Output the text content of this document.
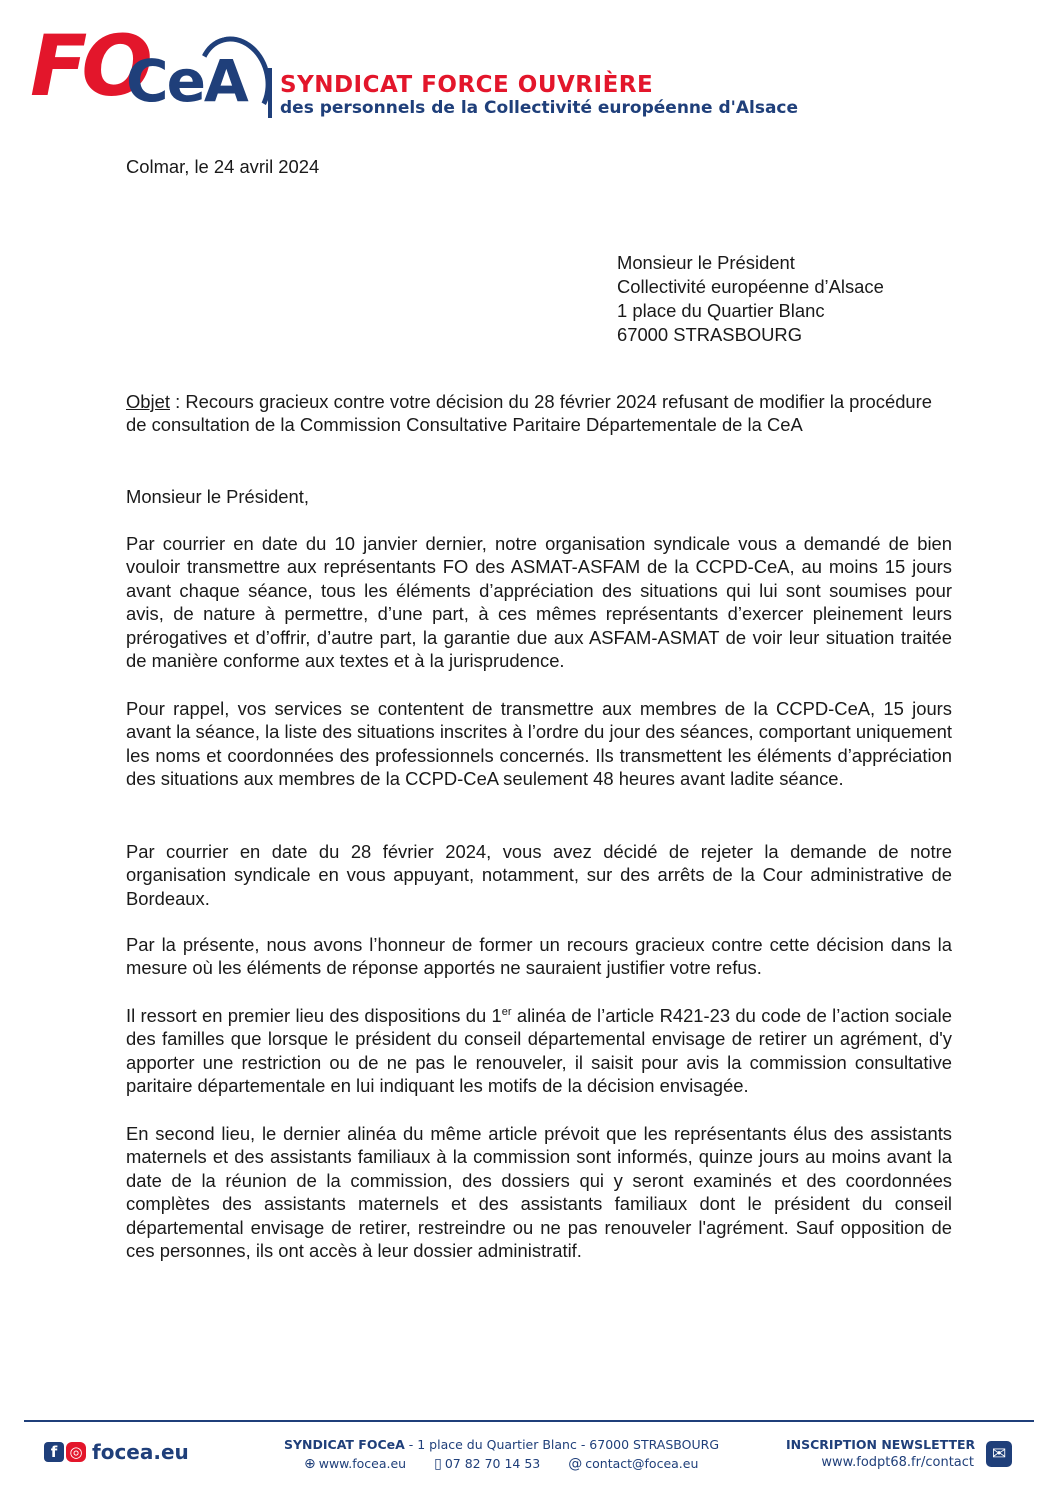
FO
CeA SYNDICAT FORCE OUVRIÈRE
des personnels de la Collectivité européenne d'Alsace
Colmar, le 24 avril 2024
Monsieur le Président
Collectivité européenne d’Alsace
1 place du Quartier Blanc
67000 STRASBOURG
Objet : Recours gracieux contre votre décision du 28 février 2024 refusant de modifier la procédure de consultation de la Commission Consultative Paritaire Départementale de la CeA
Monsieur le Président,
Par courrier en date du 10 janvier dernier, notre organisation syndicale vous a demandé de bien vouloir transmettre aux représentants FO des ASMAT-ASFAM de la CCPD-CeA, au moins 15 jours avant chaque séance, tous les éléments d’appréciation des situations qui lui sont soumises pour avis, de nature à permettre, d’une part, à ces mêmes représentants d’exercer pleinement leurs prérogatives et d’offrir, d’autre part, la garantie due aux ASFAM-ASMAT de voir leur situation traitée de manière conforme aux textes et à la jurisprudence.
Pour rappel, vos services se contentent de transmettre aux membres de la CCPD-CeA, 15 jours avant la séance, la liste des situations inscrites à l’ordre du jour des séances, comportant uniquement les noms et coordonnées des professionnels concernés. Ils transmettent les éléments d’appréciation des situations aux membres de la CCPD-CeA seulement 48 heures avant ladite séance.
Par courrier en date du 28 février 2024, vous avez décidé de rejeter la demande de notre organisation syndicale en vous appuyant, notamment, sur des arrêts de la Cour administrative de Bordeaux.
Par la présente, nous avons l’honneur de former un recours gracieux contre cette décision dans la mesure où les éléments de réponse apportés ne sauraient justifier votre refus.
Il ressort en premier lieu des dispositions du 1er alinéa de l’article R421-23 du code de l’action sociale des familles que lorsque le président du conseil départemental envisage de retirer un agrément, d'y apporter une restriction ou de ne pas le renouveler, il saisit pour avis la commission consultative paritaire départementale en lui indiquant les motifs de la décision envisagée.
En second lieu, le dernier alinéa du même article prévoit que les représentants élus des assistants maternels et des assistants familiaux à la commission sont informés, quinze jours au moins avant la date de la réunion de la commission, des dossiers qui y seront examinés et des coordonnées complètes des assistants maternels et des assistants familiaux dont le président du conseil départemental envisage de retirer, restreindre ou ne pas renouveler l'agrément. Sauf opposition de ces personnes, ils ont accès à leur dossier administratif.
f ◎ focea.eu	SYNDICAT FOCeA - 1 place du Quartier Blanc - 67000 STRASBOURG
⊕ www.focea.eu ▯ 07 82 70 14 53 @ contact@focea.eu
INSCRIPTION NEWSLETTER
www.fodpt68.fr/contact	✉
